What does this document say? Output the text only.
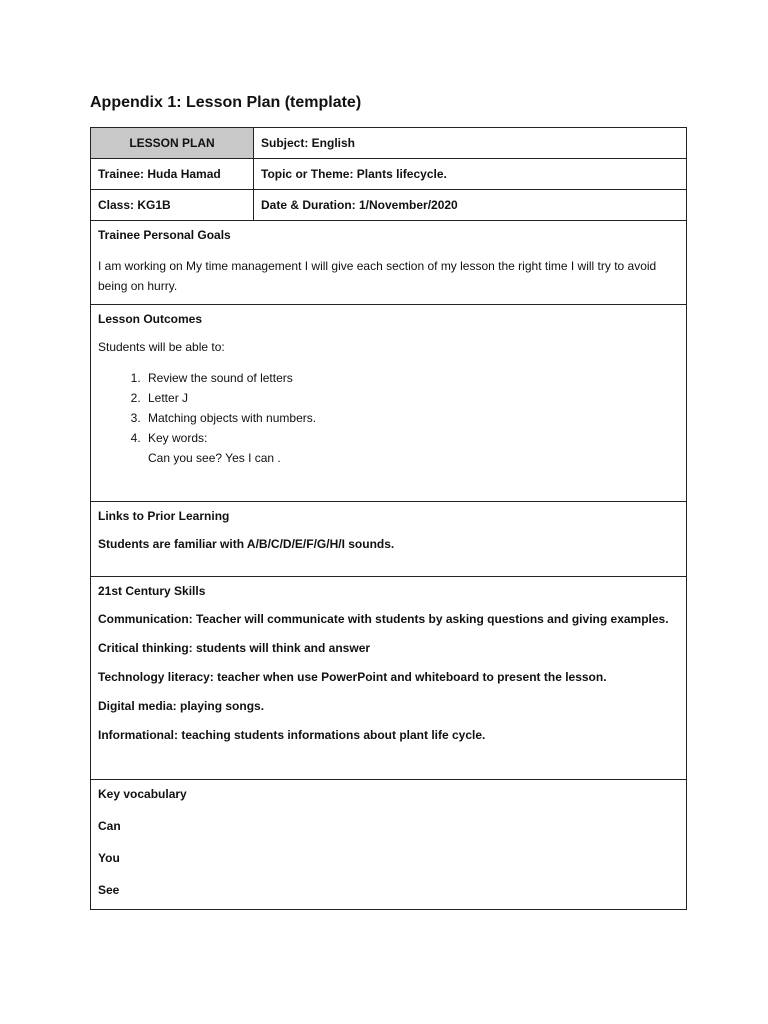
Appendix 1: Lesson Plan (template)
LESSON PLAN	Subject: English
Trainee: Huda Hamad	Topic or Theme: Plants lifecycle.
Class: KG1B	Date & Duration: 1/November/2020

Trainee Personal Goals

I am working on My time management I will give each section of my lesson the right time I will try to avoid being on hurry.

Lesson Outcomes

Students will be able to:

1. Review the sound of letters
2. Letter J
3. Matching objects with numbers.
4. Key words:

Can you see? Yes I can .

Links to Prior Learning

Students are familiar with A/B/C/D/E/F/G/H/I sounds.

21st Century Skills

Communication: Teacher will communicate with students by asking questions and giving examples.

Critical thinking: students will think and answer

Technology literacy: teacher when use PowerPoint and whiteboard to present the lesson.

Digital media: playing songs.

Informational: teaching students informations about plant life cycle.

Key vocabulary

Can

You

See
